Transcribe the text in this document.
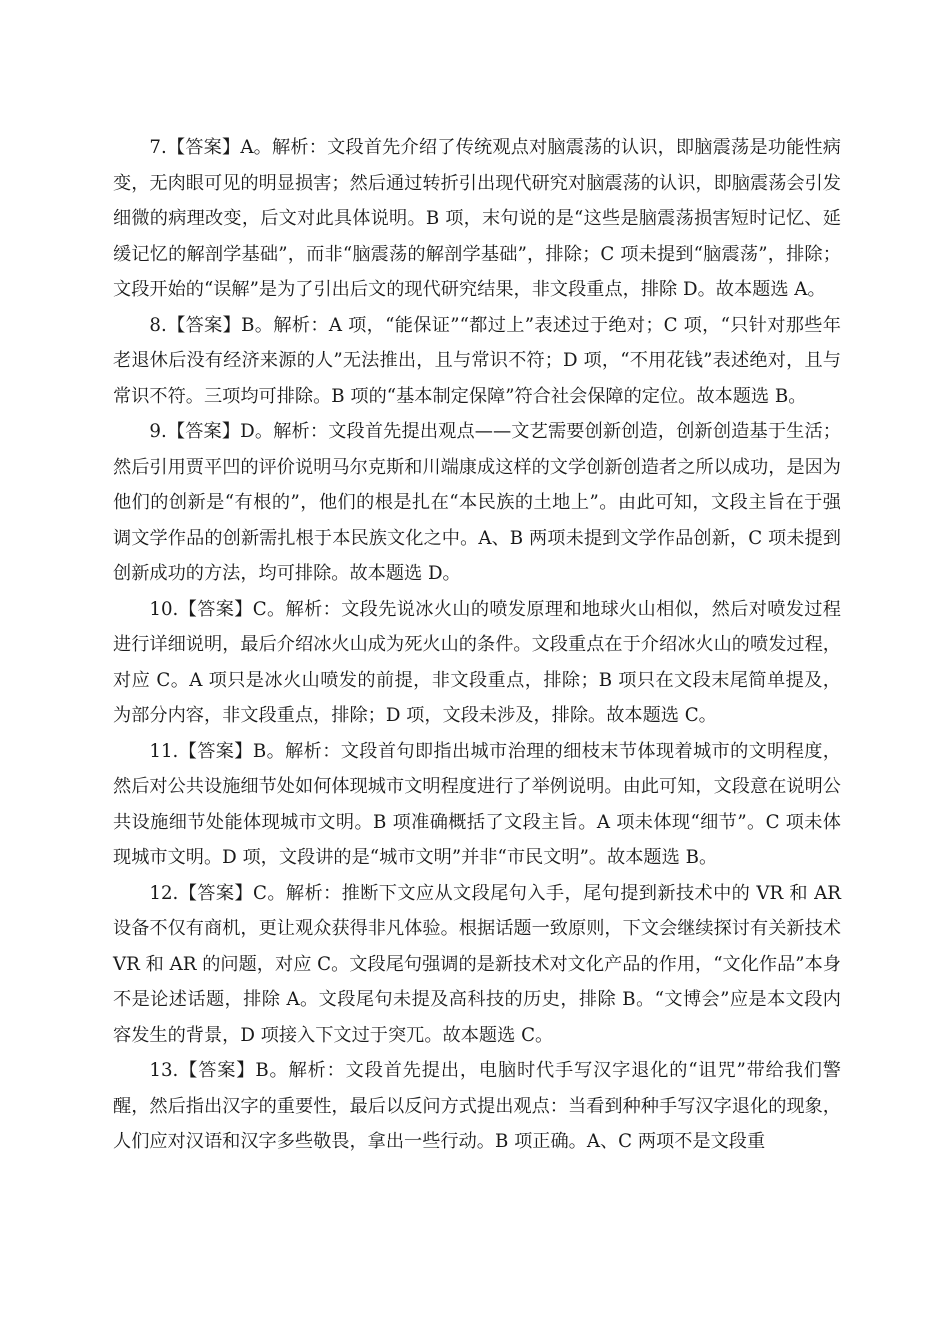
7.【答案】A。解析：文段首先介绍了传统观点对脑震荡的认识，即脑震荡是功能性病变，无肉眼可见的明显损害；然后通过转折引出现代研究对脑震荡的认识，即脑震荡会引发细微的病理改变，后文对此具体说明。B 项，末句说的是“这些是脑震荡损害短时记忆、延缓记忆的解剖学基础”，而非“脑震荡的解剖学基础”，排除；C 项未提到“脑震荡”，排除；文段开始的“误解”是为了引出后文的现代研究结果，非文段重点，排除 D。故本题选 A。

8.【答案】B。解析：A 项，“能保证”“都过上”表述过于绝对；C 项，“只针对那些年老退休后没有经济来源的人”无法推出，且与常识不符；D 项，“不用花钱”表述绝对，且与常识不符。三项均可排除。B 项的“基本制定保障”符合社会保障的定位。故本题选 B。

9.【答案】D。解析：文段首先提出观点——文艺需要创新创造，创新创造基于生活；然后引用贾平凹的评价说明马尔克斯和川端康成这样的文学创新创造者之所以成功，是因为他们的创新是“有根的”，他们的根是扎在“本民族的土地上”。由此可知，文段主旨在于强调文学作品的创新需扎根于本民族文化之中。A、B 两项未提到文学作品创新，C 项未提到创新成功的方法，均可排除。故本题选 D。

10.【答案】C。解析：文段先说冰火山的喷发原理和地球火山相似，然后对喷发过程进行详细说明，最后介绍冰火山成为死火山的条件。文段重点在于介绍冰火山的喷发过程，对应 C。A 项只是冰火山喷发的前提，非文段重点，排除；B 项只在文段末尾简单提及，为部分内容，非文段重点，排除；D 项，文段未涉及，排除。故本题选 C。

11.【答案】B。解析：文段首句即指出城市治理的细枝末节体现着城市的文明程度，然后对公共设施细节处如何体现城市文明程度进行了举例说明。由此可知，文段意在说明公共设施细节处能体现城市文明。B 项准确概括了文段主旨。A 项未体现“细节”。C 项未体现城市文明。D 项，文段讲的是“城市文明”并非“市民文明”。故本题选 B。

12.【答案】C。解析：推断下文应从文段尾句入手，尾句提到新技术中的 VR 和 AR 设备不仅有商机，更让观众获得非凡体验。根据话题一致原则，下文会继续探讨有关新技术 VR 和 AR 的问题，对应 C。文段尾句强调的是新技术对文化产品的作用，“文化作品”本身不是论述话题，排除 A。文段尾句未提及高科技的历史，排除 B。“文博会”应是本文段内容发生的背景，D 项接入下文过于突兀。故本题选 C。

13.【答案】B。解析：文段首先提出，电脑时代手写汉字退化的“诅咒”带给我们警醒，然后指出汉字的重要性，最后以反问方式提出观点：当看到种种手写汉字退化的现象，人们应对汉语和汉字多些敬畏，拿出一些行动。B 项正确。A、C 两项不是文段重
